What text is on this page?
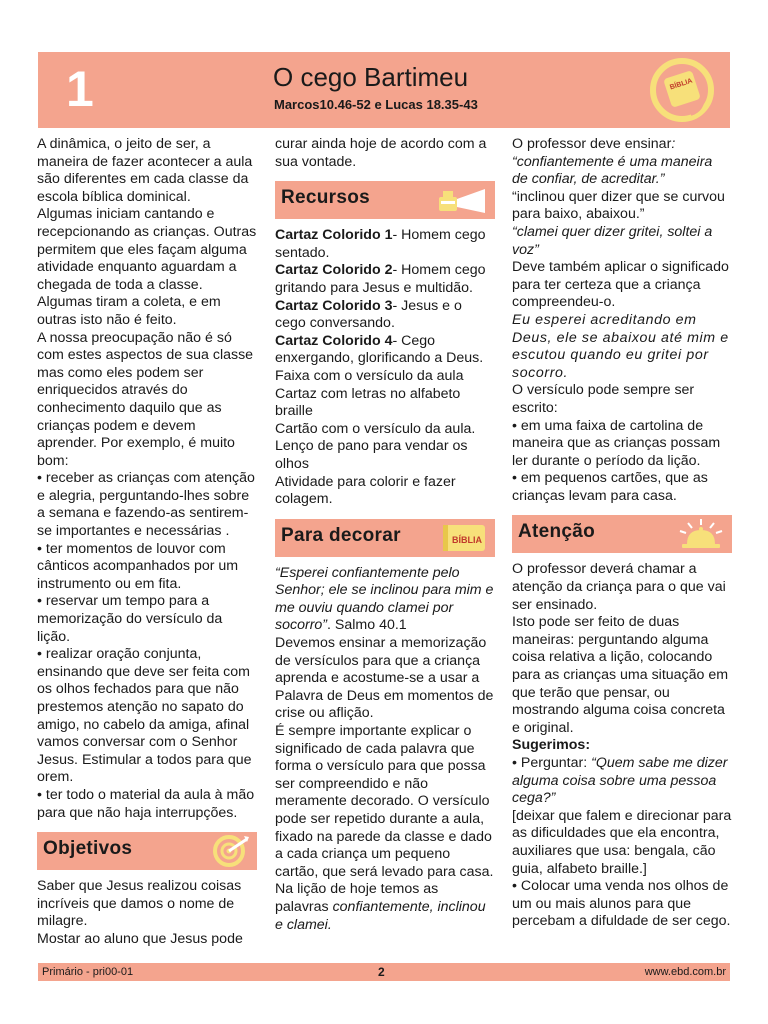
1	O cego Bartimeu
Marcos10.46-52 e Lucas 18.35-43
BÍBLIA

A dinâmica, o jeito de ser, a maneira de fazer acontecer a aula são diferentes em cada classe da escola bíblica dominical.

Algumas iniciam cantando e recepcionando as crianças. Outras permitem que eles façam alguma atividade enquanto aguardam a chegada de toda a classe.

Algumas tiram a coleta, e em outras isto não é feito.

A nossa preocupação não é só com estes aspectos de sua classe mas como eles podem ser enriquecidos através do conhecimento daquilo que as crianças podem e devem aprender. Por exemplo, é muito bom:

• receber as crianças com atenção e alegria, perguntando-lhes sobre a semana e fazendo-as sentirem-se importantes e necessárias .

• ter momentos de louvor com cânticos acompanhados por um instrumento ou em fita.

• reservar um tempo para a memorização do versículo da lição.

• realizar oração conjunta, ensinando que deve ser feita com os olhos fechados para que não prestemos atenção no sapato do amigo, no cabelo da amiga, afinal vamos conversar com o Senhor Jesus. Estimular a todos para que orem.

• ter todo o material da aula à mão para que não haja interrupções.

Objetivos

Saber que Jesus realizou coisas incríveis que damos o nome de milagre.

Mostar ao aluno que Jesus pode

curar ainda hoje de acordo com a sua vontade.

Recursos

Cartaz Colorido 1- Homem cego sentado.

Cartaz Colorido 2- Homem cego gritando para Jesus e multidão.

Cartaz Colorido 3- Jesus e o cego conversando.

Cartaz Colorido 4- Cego enxergando, glorificando a Deus.

Faixa com o versículo da aula

Cartaz com letras no alfabeto braille

Cartão com o versículo da aula.

Lenço de pano para vendar os olhos

Atividade para colorir e fazer colagem.

Para decorar	BÍBLIA

“Esperei confiantemente pelo Senhor; ele se inclinou para mim e me ouviu quando clamei por socorro”. Salmo 40.1

Devemos ensinar a memorização de versículos para que a criança aprenda e acostume-se a usar a Palavra de Deus em momentos de crise ou aflição.

É sempre importante explicar o significado de cada palavra que forma o versículo para que possa ser compreendido e não meramente decorado. O versículo pode ser repetido durante a aula, fixado na parede da classe e dado a cada criança um pequeno cartão, que será levado para casa.

Na lição de hoje temos as palavras confiantemente, inclinou e clamei.

O professor deve ensinar: “confiantemente é uma maneira de confiar, de acreditar.”

“inclinou quer dizer que se curvou para baixo, abaixou.”

“clamei quer dizer gritei, soltei a voz”

Deve também aplicar o significado para ter certeza que a criança compreendeu-o.

Eu esperei acreditando em Deus, ele se abaixou até mim e escutou quando eu gritei por socorro.

O versículo pode sempre ser escrito:

• em uma faixa de cartolina de maneira que as crianças possam ler durante o período da lição.

• em pequenos cartões, que as crianças levam para casa.

Atenção

O professor deverá chamar a atenção da criança para o que vai ser ensinado.

Isto pode ser feito de duas maneiras: perguntando alguma coisa relativa a lição, colocando para as crianças uma situação em que terão que pensar, ou mostrando alguma coisa concreta e original.

Sugerimos:

• Perguntar: “Quem sabe me dizer alguma coisa sobre uma pessoa cega?”

[deixar que falem e direcionar para as dificuldades que ela encontra, auxiliares que usa: bengala, cão guia, alfabeto braille.]

• Colocar uma venda nos olhos de um ou mais alunos para que percebam a difuldade de ser cego.

Primário - pri00-01	2	www.ebd.com.br
